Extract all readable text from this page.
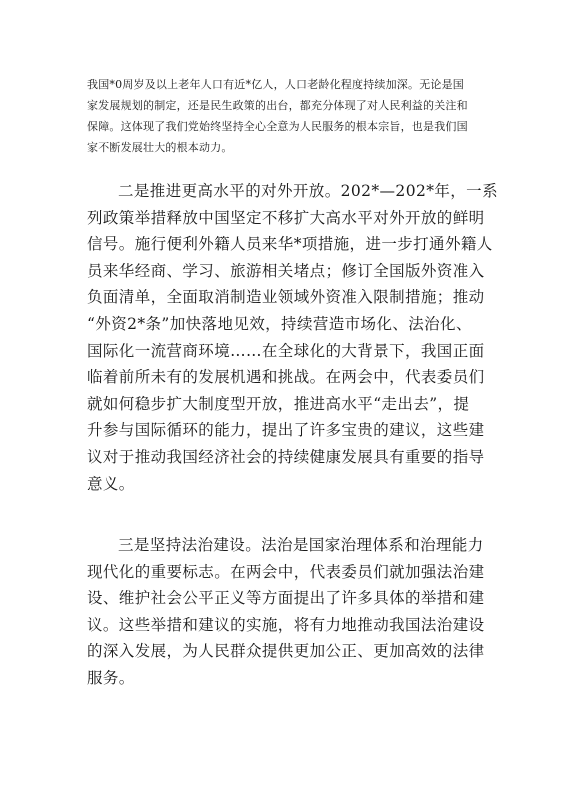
我国*0周岁及以上老年人口有近*亿人，人口老龄化程度持续加深。无论是国
家发展规划的制定，还是民生政策的出台，都充分体现了对人民利益的关注和
保障。这体现了我们党始终坚持全心全意为人民服务的根本宗旨，也是我们国
家不断发展壮大的根本动力。
二是推进更高水平的对外开放。202*—202*年，一系
列政策举措释放中国坚定不移扩大高水平对外开放的鲜明
信号。施行便利外籍人员来华*项措施，进一步打通外籍人
员来华经商、学习、旅游相关堵点；修订全国版外资准入
负面清单，全面取消制造业领域外资准入限制措施；推动
“外资2*条”加快落地见效，持续营造市场化、法治化、
国际化一流营商环境……在全球化的大背景下，我国正面
临着前所未有的发展机遇和挑战。在两会中，代表委员们
就如何稳步扩大制度型开放，推进高水平“走出去”，提
升参与国际循环的能力，提出了许多宝贵的建议，这些建
议对于推动我国经济社会的持续健康发展具有重要的指导
意义。
三是坚持法治建设。法治是国家治理体系和治理能力
现代化的重要标志。在两会中，代表委员们就加强法治建
设、维护社会公平正义等方面提出了许多具体的举措和建
议。这些举措和建议的实施，将有力地推动我国法治建设
的深入发展，为人民群众提供更加公正、更加高效的法律
服务。
